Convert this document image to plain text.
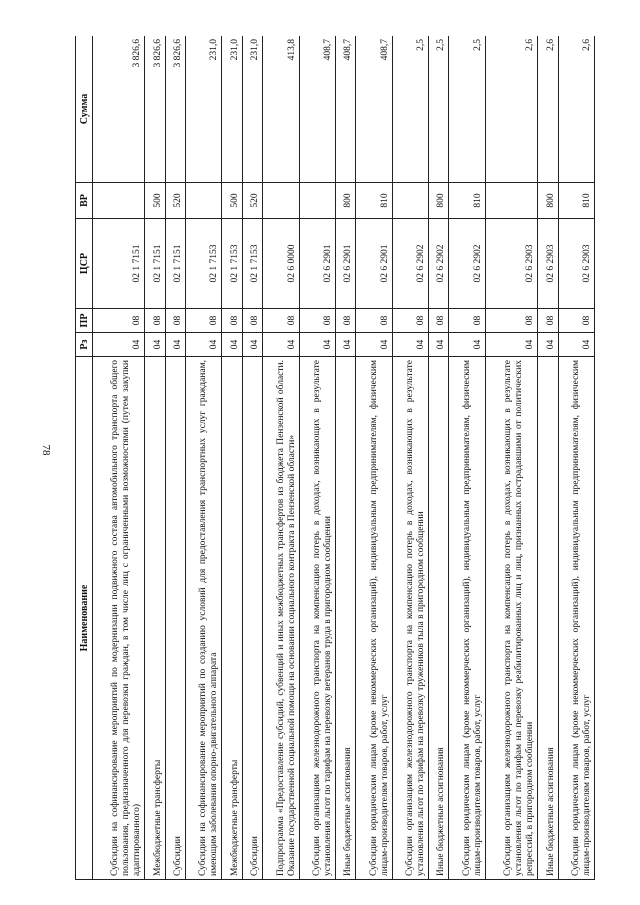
78
Наименование	Рз	ПР	ЦСР	ВР	Сумма
Субсидии на софинансирование мероприятий по модернизации подвижного состава автомобильного транспорта общего пользования, предназначенного для перевозки граждан, в том числе лиц с ограниченными возможностями (путем закупки адаптированного)	04	08	02 1 7151		3 826,6
Межбюджетные трансферты	04	08	02 1 7151	500	3 826,6
Субсидии	04	08	02 1 7151	520	3 826,6
Субсидии на софинансирование мероприятий по созданию условий для предоставления транспортных услуг гражданам, имеющим заболевания опорно-двигательного аппарата	04	08	02 1 7153		231,0
Межбюджетные трансферты	04	08	02 1 7153	500	231,0
Субсидии	04	08	02 1 7153	520	231,0
Подпрограмма «Предоставление субсидий, субвенций и иных межбюджетных трансфертов из бюджета Пензенской области. Оказание государственной социальной помощи на основании социального контракта в Пензенской области»	04	08	02 6 0000		413,8
Субсидии организациям железнодорожного транспорта на компенсацию потерь в доходах, возникающих в результате установления льгот по тарифам на перевозку ветеранов труда в пригородном сообщении	04	08	02 6 2901		408,7
Иные бюджетные ассигнования	04	08	02 6 2901	800	408,7
Субсидии юридическим лицам (кроме некоммерческих организаций), индивидуальным предпринимателям, физическим лицам-производителям товаров, работ, услуг	04	08	02 6 2901	810	408,7
Субсидии организациям железнодорожного транспорта на компенсацию потерь в доходах, возникающих в результате установления льгот по тарифам на перевозку тружеников тыла в пригородном сообщении	04	08	02 6 2902		2,5
Иные бюджетные ассигнования	04	08	02 6 2902	800	2,5
Субсидии юридическим лицам (кроме некоммерческих организаций), индивидуальным предпринимателям, физическим лицам-производителям товаров, работ, услуг	04	08	02 6 2902	810	2,5
Субсидии организациям железнодорожного транспорта на компенсацию потерь в доходах, возникающих в результате установления льгот по тарифам на перевозку реабилитированных лиц и лиц, признанных пострадавшими от политических репрессий, в пригородном сообщении	04	08	02 6 2903		2,6
Иные бюджетные ассигнования	04	08	02 6 2903	800	2,6
Субсидии юридическим лицам (кроме некоммерческих организаций), индивидуальным предпринимателям, физическим лицам-производителям товаров, работ, услуг	04	08	02 6 2903	810	2,6
